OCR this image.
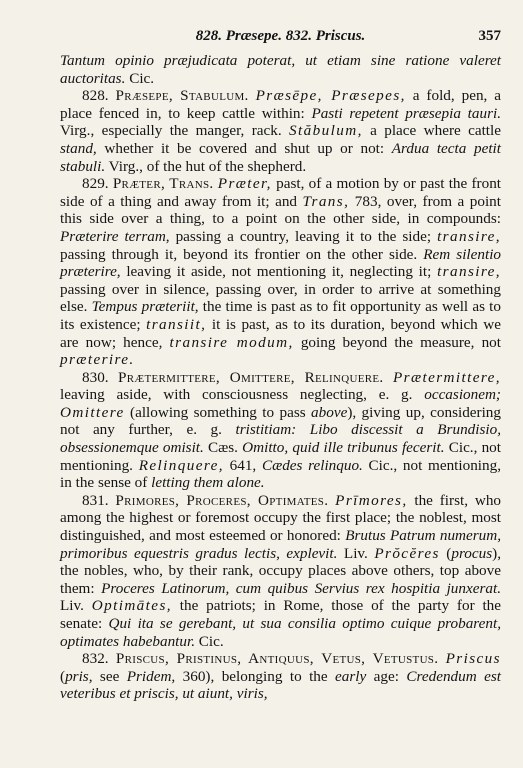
828. Præsepe. 832. Priscus.	357

Tantum opinio præjudicata poterat, ut etiam sine ratione valeret auctoritas. Cic.

828. Præsepe, Stabulum. Præsēpe, Præsepes, a fold, pen, a place fenced in, to keep cattle within: Pasti repetent præsepia tauri. Virg., especially the manger, rack. Stăbulum, a place where cattle stand, whether it be covered and shut up or not: Ardua tecta petit stabuli. Virg., of the hut of the shepherd.

829. Præter, Trans. Præter, past, of a motion by or past the front side of a thing and away from it; and Trans, 783, over, from a point this side over a thing, to a point on the other side, in compounds: Præterire terram, passing a country, leaving it to the side; transire, passing through it, beyond its frontier on the other side. Rem silentio præterire, leaving it aside, not mentioning it, neglecting it; transire, passing over in silence, passing over, in order to arrive at something else. Tempus præteriit, the time is past as to fit opportunity as well as to its existence; transiit, it is past, as to its duration, beyond which we are now; hence, transire modum, going beyond the measure, not præterire.

830. Prætermittere, Omittere, Relinquere. Prætermittere, leaving aside, with consciousness neglecting, e. g. occasionem; Omittere (allowing something to pass above), giving up, considering not any further, e. g. tristitiam: Libo discessit a Brundisio, obsessionemque omisit. Cæs. Omitto, quid ille tribunus fecerit. Cic., not mentioning. Relinquere, 641, Cædes relinquo. Cic., not mentioning, in the sense of letting them alone.

831. Primores, Proceres, Optimates. Prīmores, the first, who among the highest or foremost occupy the first place; the noblest, most distinguished, and most esteemed or honored: Brutus Patrum numerum, primoribus equestris gradus lectis, explevit. Liv. Prŏcĕres (procus), the nobles, who, by their rank, occupy places above others, top above them: Proceres Latinorum, cum quibus Servius rex hospitia junxerat. Liv. Optimātes, the patriots; in Rome, those of the party for the senate: Qui ita se gerebant, ut sua consilia optimo cuique probarent, optimates habebantur. Cic.

832. Priscus, Pristinus, Antiquus, Vetus, Vetustus. Priscus (pris, see Pridem, 360), belonging to the early age: Credendum est veteribus et priscis, ut aiunt, viris,
